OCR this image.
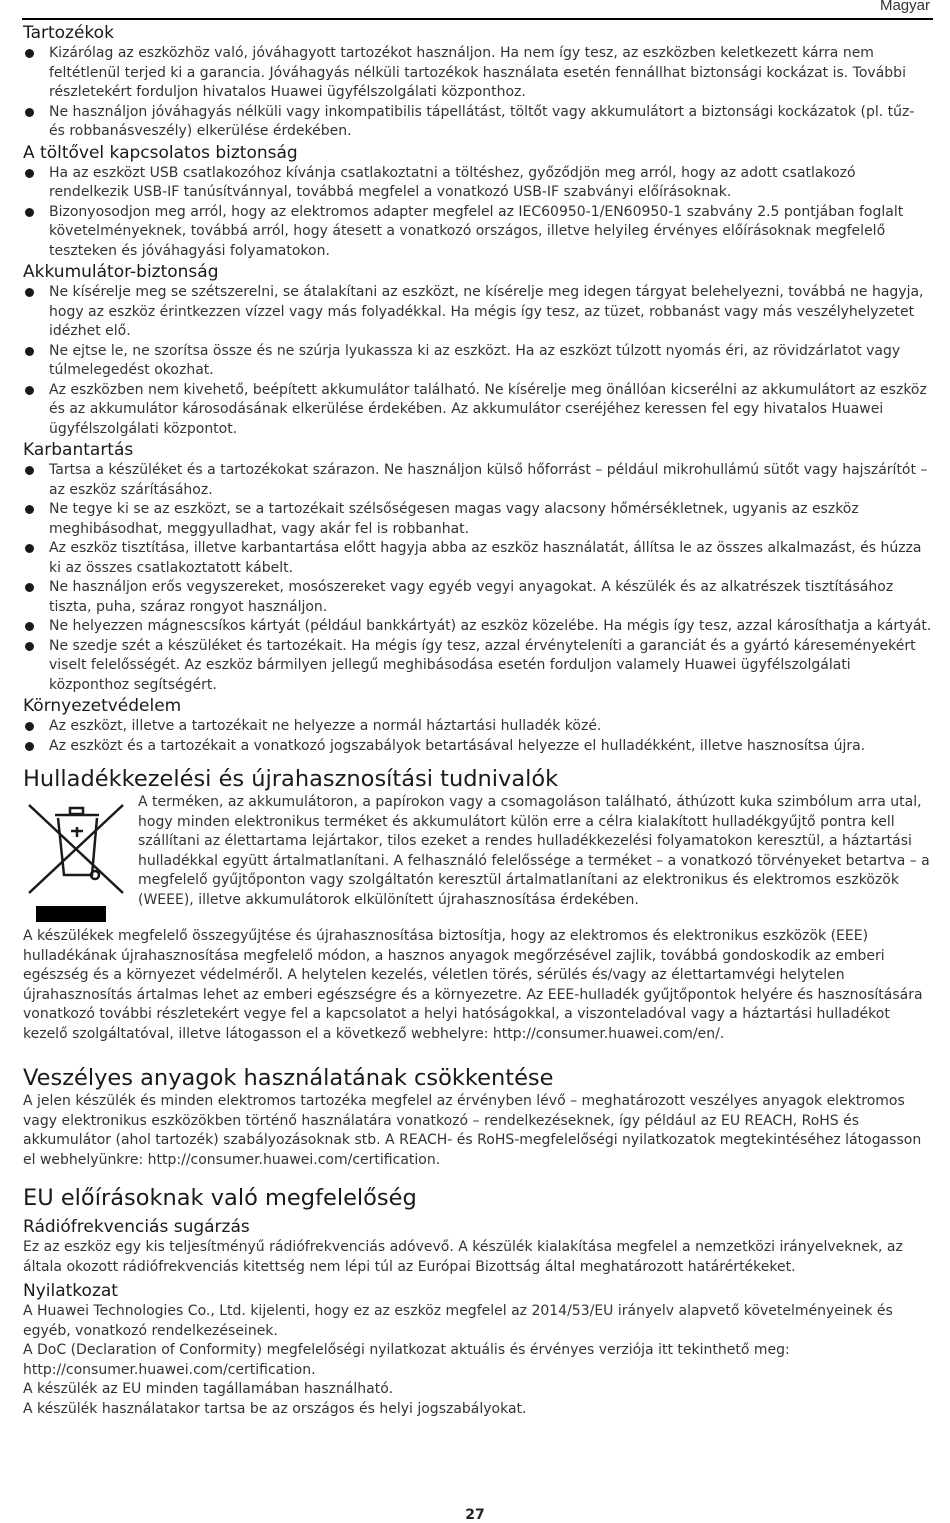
Magyar
Tartozékok
Kizárólag az eszközhöz való, jóváhagyott tartozékot használjon. Ha nem így tesz, az eszközben keletkezett kárra nem feltétlenül terjed ki a garancia. Jóváhagyás nélküli tartozékok használata esetén fennállhat biztonsági kockázat is. További részletekért forduljon hivatalos Huawei ügyfélszolgálati központhoz.
Ne használjon jóváhagyás nélküli vagy inkompatibilis tápellátást, töltőt vagy akkumulátort a biztonsági kockázatok (pl. tűz- és robbanásveszély) elkerülése érdekében.
A töltővel kapcsolatos biztonság
Ha az eszközt USB csatlakozóhoz kívánja csatlakoztatni a töltéshez, győződjön meg arról, hogy az adott csatlakozó rendelkezik USB-IF tanúsítvánnyal, továbbá megfelel a vonatkozó USB-IF szabványi előírásoknak.
Bizonyosodjon meg arról, hogy az elektromos adapter megfelel az IEC60950-1/EN60950-1 szabvány 2.5 pontjában foglalt követelményeknek, továbbá arról, hogy átesett a vonatkozó országos, illetve helyileg érvényes előírásoknak megfelelő teszteken és jóváhagyási folyamatokon.
Akkumulátor-biztonság
Ne kísérelje meg se szétszerelni, se átalakítani az eszközt, ne kísérelje meg idegen tárgyat belehelyezni, továbbá ne hagyja, hogy az eszköz érintkezzen vízzel vagy más folyadékkal. Ha mégis így tesz, az tüzet, robbanást vagy más veszélyhelyzetet idézhet elő.
Ne ejtse le, ne szorítsa össze és ne szúrja lyukassza ki az eszközt. Ha az eszközt túlzott nyomás éri, az rövidzárlatot vagy túlmelegedést okozhat.
Az eszközben nem kivehető, beépített akkumulátor található. Ne kísérelje meg önállóan kicserélni az akkumulátort az eszköz és az akkumulátor károsodásának elkerülése érdekében. Az akkumulátor cseréjéhez keressen fel egy hivatalos Huawei ügyfélszolgálati központot.
Karbantartás
Tartsa a készüléket és a tartozékokat szárazon. Ne használjon külső hőforrást – például mikrohullámú sütőt vagy hajszárítót – az eszköz szárításához.
Ne tegye ki se az eszközt, se a tartozékait szélsőségesen magas vagy alacsony hőmérsékletnek, ugyanis az eszköz meghibásodhat, meggyulladhat, vagy akár fel is robbanhat.
Az eszköz tisztítása, illetve karbantartása előtt hagyja abba az eszköz használatát, állítsa le az összes alkalmazást, és húzza ki az összes csatlakoztatott kábelt.
Ne használjon erős vegyszereket, mosószereket vagy egyéb vegyi anyagokat. A készülék és az alkatrészek tisztításához tiszta, puha, száraz rongyot használjon.
Ne helyezzen mágnescsíkos kártyát (például bankkártyát) az eszköz közelébe. Ha mégis így tesz, azzal károsíthatja a kártyát.
Ne szedje szét a készüléket és tartozékait. Ha mégis így tesz, azzal érvényteleníti a garanciát és a gyártó káreseményekért viselt felelősségét. Az eszköz bármilyen jellegű meghibásodása esetén forduljon valamely Huawei ügyfélszolgálati központhoz segítségért.
Környezetvédelem
Az eszközt, illetve a tartozékait ne helyezze a normál háztartási hulladék közé.
Az eszközt és a tartozékait a vonatkozó jogszabályok betartásával helyezze el hulladékként, illetve hasznosítsa újra.
Hulladékkezelési és újrahasznosítási tudnivalók

A terméken, az akkumulátoron, a papírokon vagy a csomagoláson található, áthúzott kuka szimbólum arra utal, hogy minden elektronikus terméket és akkumulátort külön erre a célra kialakított hulladékgyűjtő pontra kell szállítani az élettartama lejártakor, tilos ezeket a rendes hulladékkezelési folyamatokon keresztül, a háztartási hulladékkal együtt ártalmatlanítani. A felhasználó felelőssége a terméket – a vonatkozó törvényeket betartva – a megfelelő gyűjtőponton vagy szolgáltatón keresztül ártalmatlanítani az elektronikus és elektromos eszközök (WEEE), illetve akkumulátorok elkülönített újrahasznosítása érdekében.

A készülékek megfelelő összegyűjtése és újrahasznosítása biztosítja, hogy az elektromos és elektronikus eszközök (EEE) hulladékának újrahasznosítása megfelelő módon, a hasznos anyagok megőrzésével zajlik, továbbá gondoskodik az emberi egészség és a környezet védelméről. A helytelen kezelés, véletlen törés, sérülés és/vagy az élettartamvégi helytelen újrahasznosítás ártalmas lehet az emberi egészségre és a környezetre. Az EEE-hulladék gyűjtőpontok helyére és hasznosítására vonatkozó további részletekért vegye fel a kapcsolatot a helyi hatóságokkal, a viszonteladóval vagy a háztartási hulladékot kezelő szolgáltatóval, illetve látogasson el a következő webhelyre: http://consumer.huawei.com/en/.

Veszélyes anyagok használatának csökkentése

A jelen készülék és minden elektromos tartozéka megfelel az érvényben lévő – meghatározott veszélyes anyagok elektromos vagy elektronikus eszközökben történő használatára vonatkozó – rendelkezéseknek, így például az EU REACH, RoHS és akkumulátor (ahol tartozék) szabályozásoknak stb. A REACH- és RoHS-megfelelőségi nyilatkozatok megtekintéséhez látogasson el webhelyünkre: http://consumer.huawei.com/certification.

EU előírásoknak való megfelelőség
Rádiófrekvenciás sugárzás

Ez az eszköz egy kis teljesítményű rádiófrekvenciás adóvevő. A készülék kialakítása megfelel a nemzetközi irányelveknek, az általa okozott rádiófrekvenciás kitettség nem lépi túl az Európai Bizottság által meghatározott határértékeket.

Nyilatkozat

A Huawei Technologies Co., Ltd. kijelenti, hogy ez az eszköz megfelel az 2014/53/EU irányelv alapvető követelményeinek és egyéb, vonatkozó rendelkezéseinek.

A DoC (Declaration of Conformity) megfelelőségi nyilatkozat aktuális és érvényes verziója itt tekinthető meg: http://consumer.huawei.com/certification.

A készülék az EU minden tagállamában használható.

A készülék használatakor tartsa be az országos és helyi jogszabályokat.

27
